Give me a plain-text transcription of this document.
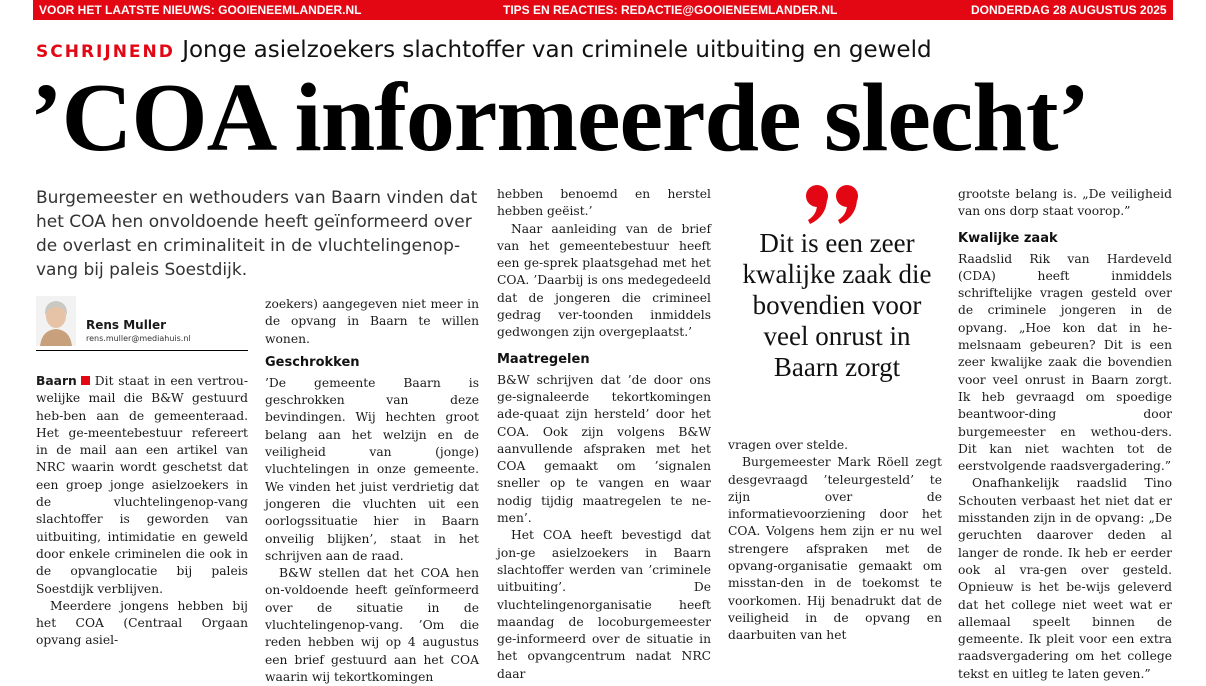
VOOR HET LAATSTE NIEUWS: GOOIENEEMLANDER.NL	TIPS EN REACTIES: REDACTIE@GOOIENEEMLANDER.NL	DONDERDAG 28 AUGUSTUS 2025
SCHRIJNEND Jonge asielzoekers slachtoffer van criminele uitbuiting en geweld
’COA informeerde slecht’
Burgemeester en wethouders van Baarn vinden dat het COA hen onvoldoende heeft geïnformeerd over de overlast en criminaliteit in de vluchtelingenop-vang bij paleis Soestdijk.
Rens Muller
rens.muller@mediahuis.nl

Baarn Dit staat in een vertrou-welijke mail die B&W gestuurd heb-ben aan de gemeenteraad. Het ge-meentebestuur refereert in de mail aan een artikel van NRC waarin wordt geschetst dat een groep jonge asielzoekers in de vluchtelingenop-vang slachtoffer is geworden van uitbuiting, intimidatie en geweld door enkele criminelen die ook in de opvanglocatie bij paleis Soestdijk verblijven.

Meerdere jongens hebben bij het COA (Centraal Orgaan opvang asiel-

zoekers) aangegeven niet meer in de opvang in Baarn te willen wonen.

Geschrokken

’De gemeente Baarn is geschrokken van deze bevindingen. Wij hechten groot belang aan het welzijn en de veiligheid van (jonge) vluchtelingen in onze gemeente. We vinden het juist verdrietig dat jongeren die vluchten uit een oorlogssituatie hier in Baarn onveilig blijken’, staat in het schrijven aan de raad.

B&W stellen dat het COA hen on-voldoende heeft geïnformeerd over de situatie in de vluchtelingenop-vang. ’Om die reden hebben wij op 4 augustus een brief gestuurd aan het COA waarin wij tekortkomingen

hebben benoemd en herstel hebben geëist.’

Naar aanleiding van de brief van het gemeentebestuur heeft een ge-sprek plaatsgehad met het COA. ’Daarbij is ons medegedeeld dat de jongeren die crimineel gedrag ver-toonden inmiddels gedwongen zijn overgeplaatst.’

Maatregelen

B&W schrijven dat ’de door ons ge-signaleerde tekortkomingen ade-quaat zijn hersteld’ door het COA. Ook zijn volgens B&W aanvullende afspraken met het COA gemaakt om ’signalen sneller op te vangen en waar nodig tijdig maatregelen te ne-men’.

Het COA heeft bevestigd dat jon-ge asielzoekers in Baarn slachtoffer werden van ’criminele uitbuiting’. De vluchtelingenorganisatie heeft maandag de locoburgemeester ge-informeerd over de situatie in het opvangcentrum nadat NRC daar

Dit is een zeer kwalijke zaak die bovendien voor veel onrust in Baarn zorgt

vragen over stelde.

Burgemeester Mark Röell zegt desgevraagd ’teleurgesteld’ te zijn over de informatievoorziening door het COA. Volgens hem zijn er nu wel strengere afspraken met de opvang-organisatie gemaakt om misstan-den in de toekomst te voorkomen. Hij benadrukt dat de veiligheid in de opvang en daarbuiten van het

grootste belang is. „De veiligheid van ons dorp staat voorop.”

Kwalijke zaak

Raadslid Rik van Hardeveld (CDA) heeft inmiddels schriftelijke vragen gesteld over de criminele jongeren in de opvang. „Hoe kon dat in he-melsnaam gebeuren? Dit is een zeer kwalijke zaak die bovendien voor veel onrust in Baarn zorgt. Ik heb gevraagd om spoedige beantwoor-ding door burgemeester en wethou-ders. Dit kan niet wachten tot de eerstvolgende raadsvergadering.”

Onafhankelijk raadslid Tino Schouten verbaast het niet dat er misstanden zijn in de opvang: „De geruchten daarover deden al langer de ronde. Ik heb er eerder ook al vra-gen over gesteld. Opnieuw is het be-wijs geleverd dat het college niet weet wat er allemaal speelt binnen de gemeente. Ik pleit voor een extra raadsvergadering om het college tekst en uitleg te laten geven.”
